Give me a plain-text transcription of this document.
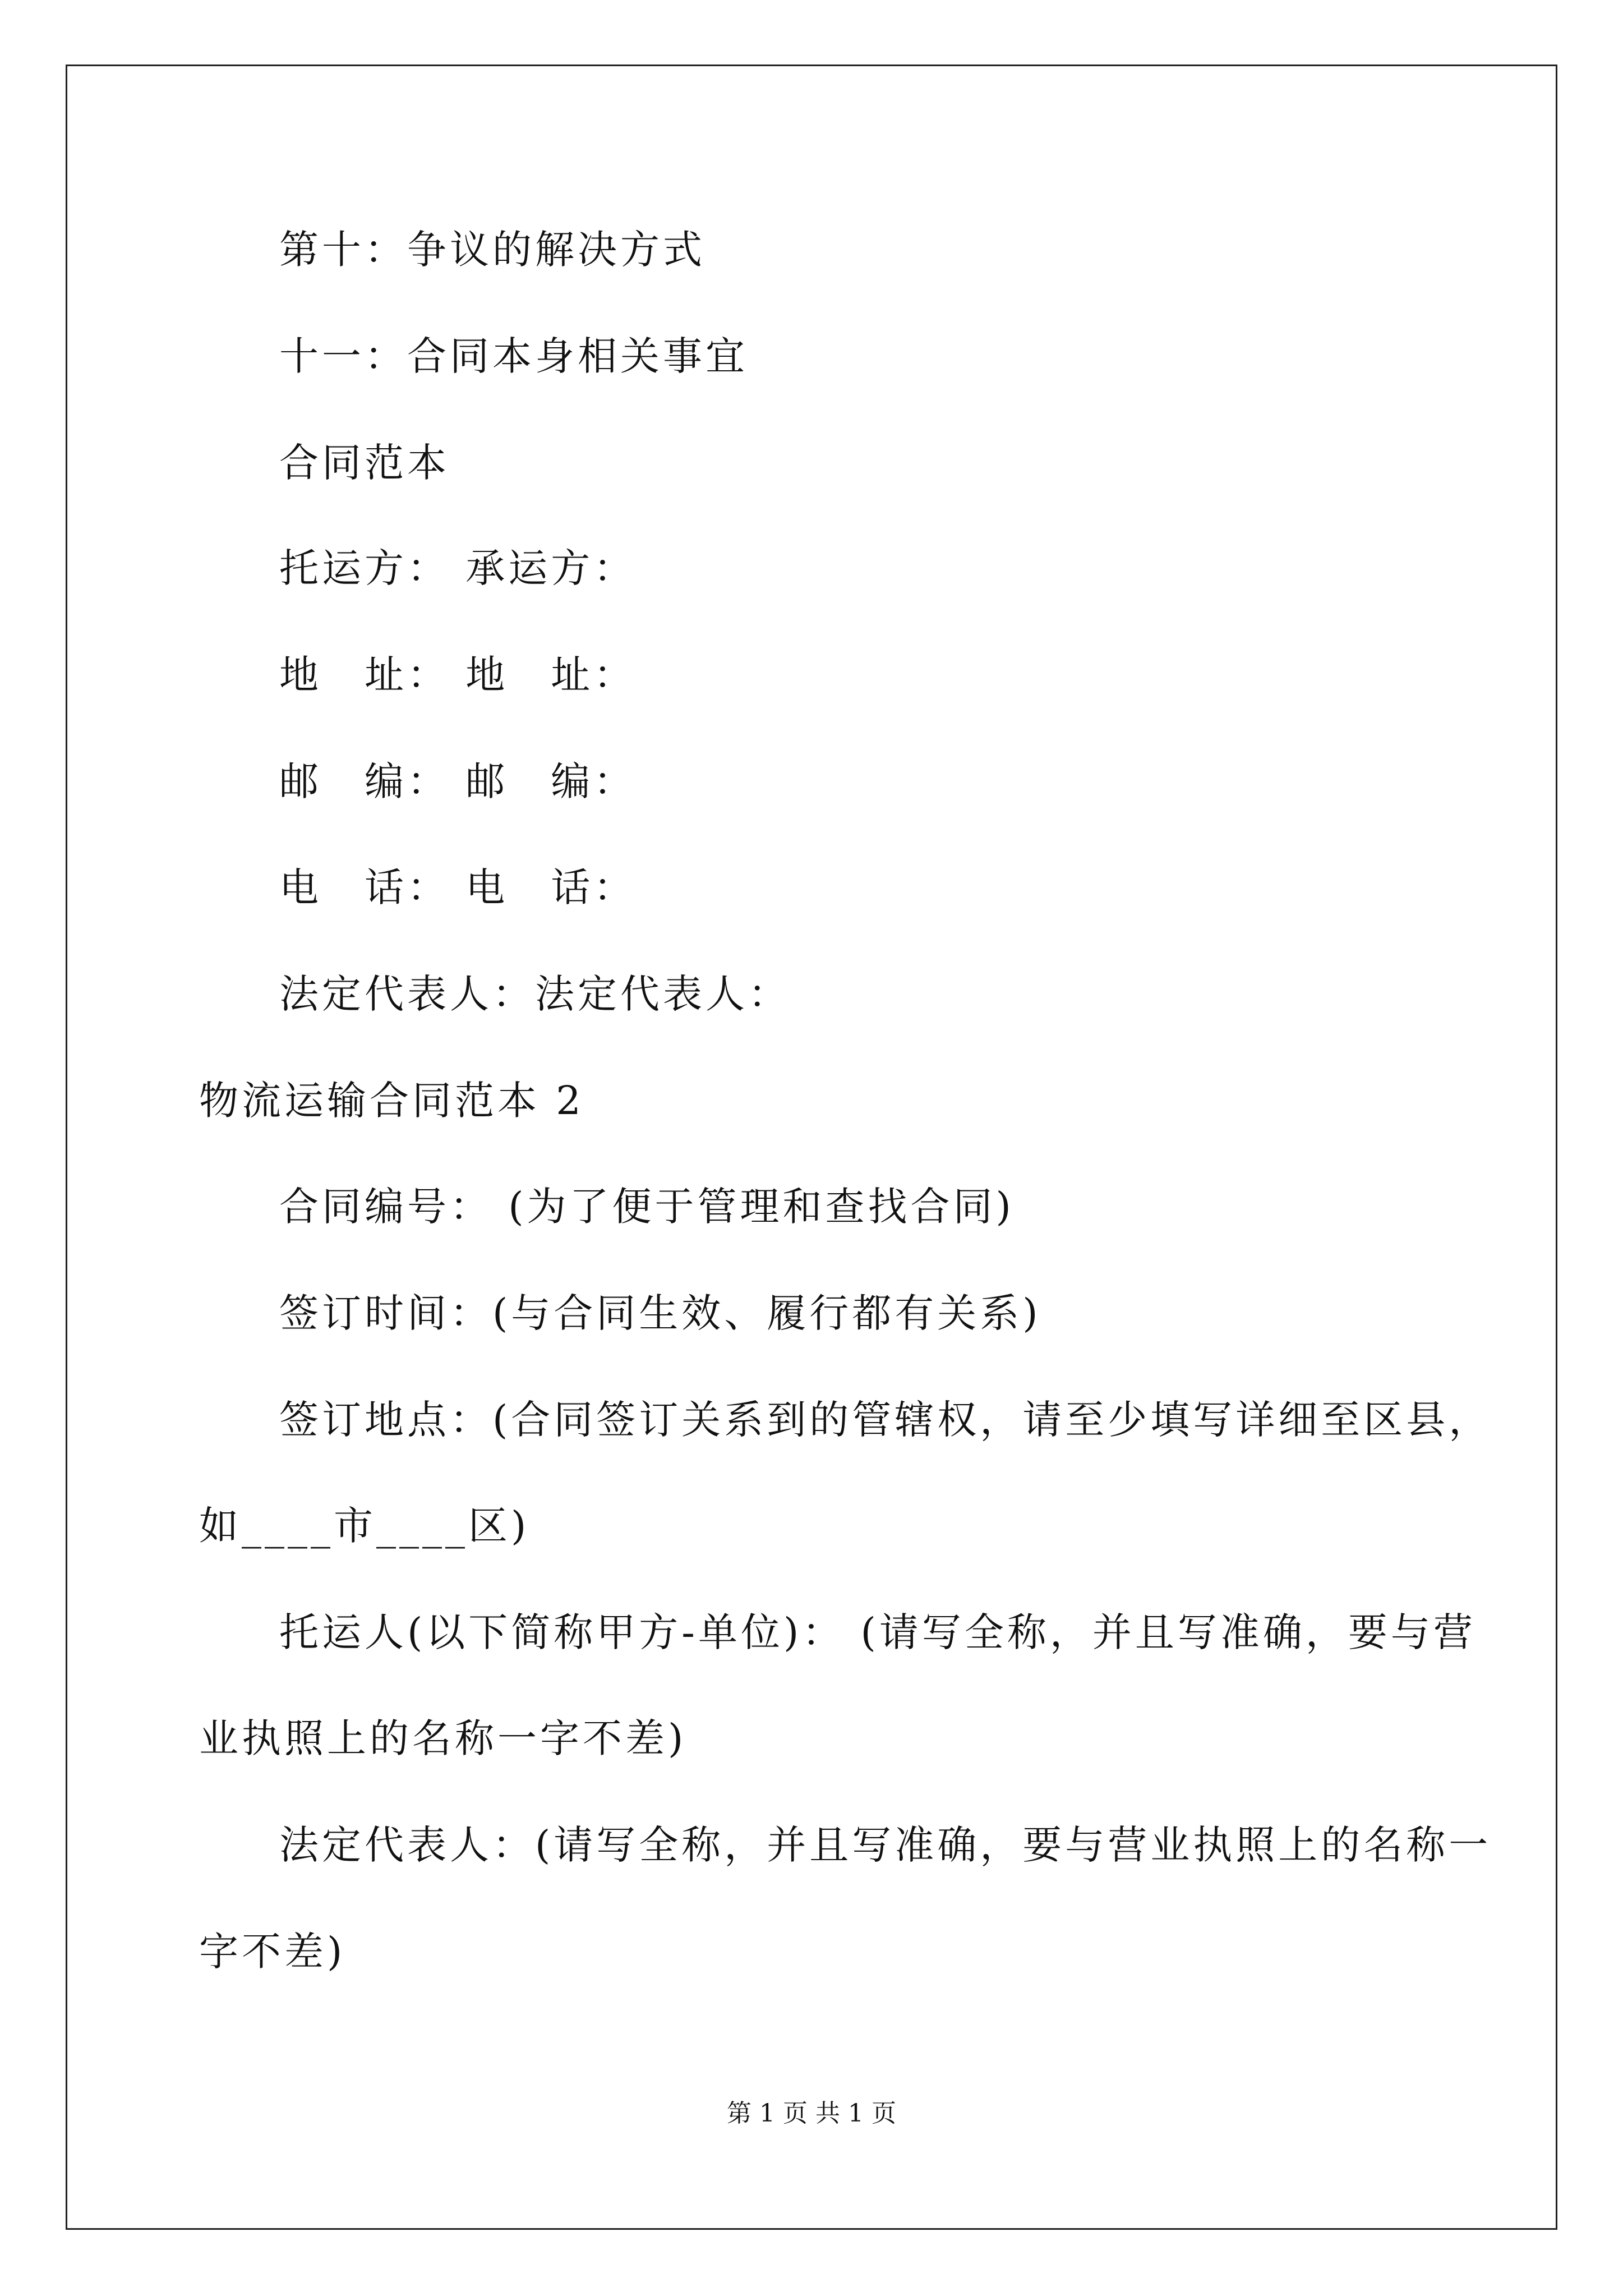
第十：争议的解决方式
十一：合同本身相关事宜
合同范本
托运方： 承运方：
地　址： 地　址：
邮　编： 邮　编：
电　话： 电　话：
法定代表人：法定代表人：
物流运输合同范本 2
合同编号： (为了便于管理和查找合同)
签订时间：(与合同生效、履行都有关系)
签订地点：(合同签订关系到的管辖权，请至少填写详细至区县，
如____市____区)
托运人(以下简称甲方-单位)： (请写全称，并且写准确，要与营
业执照上的名称一字不差)
法定代表人：(请写全称，并且写准确，要与营业执照上的名称一
字不差)
第 1 页 共 1 页
